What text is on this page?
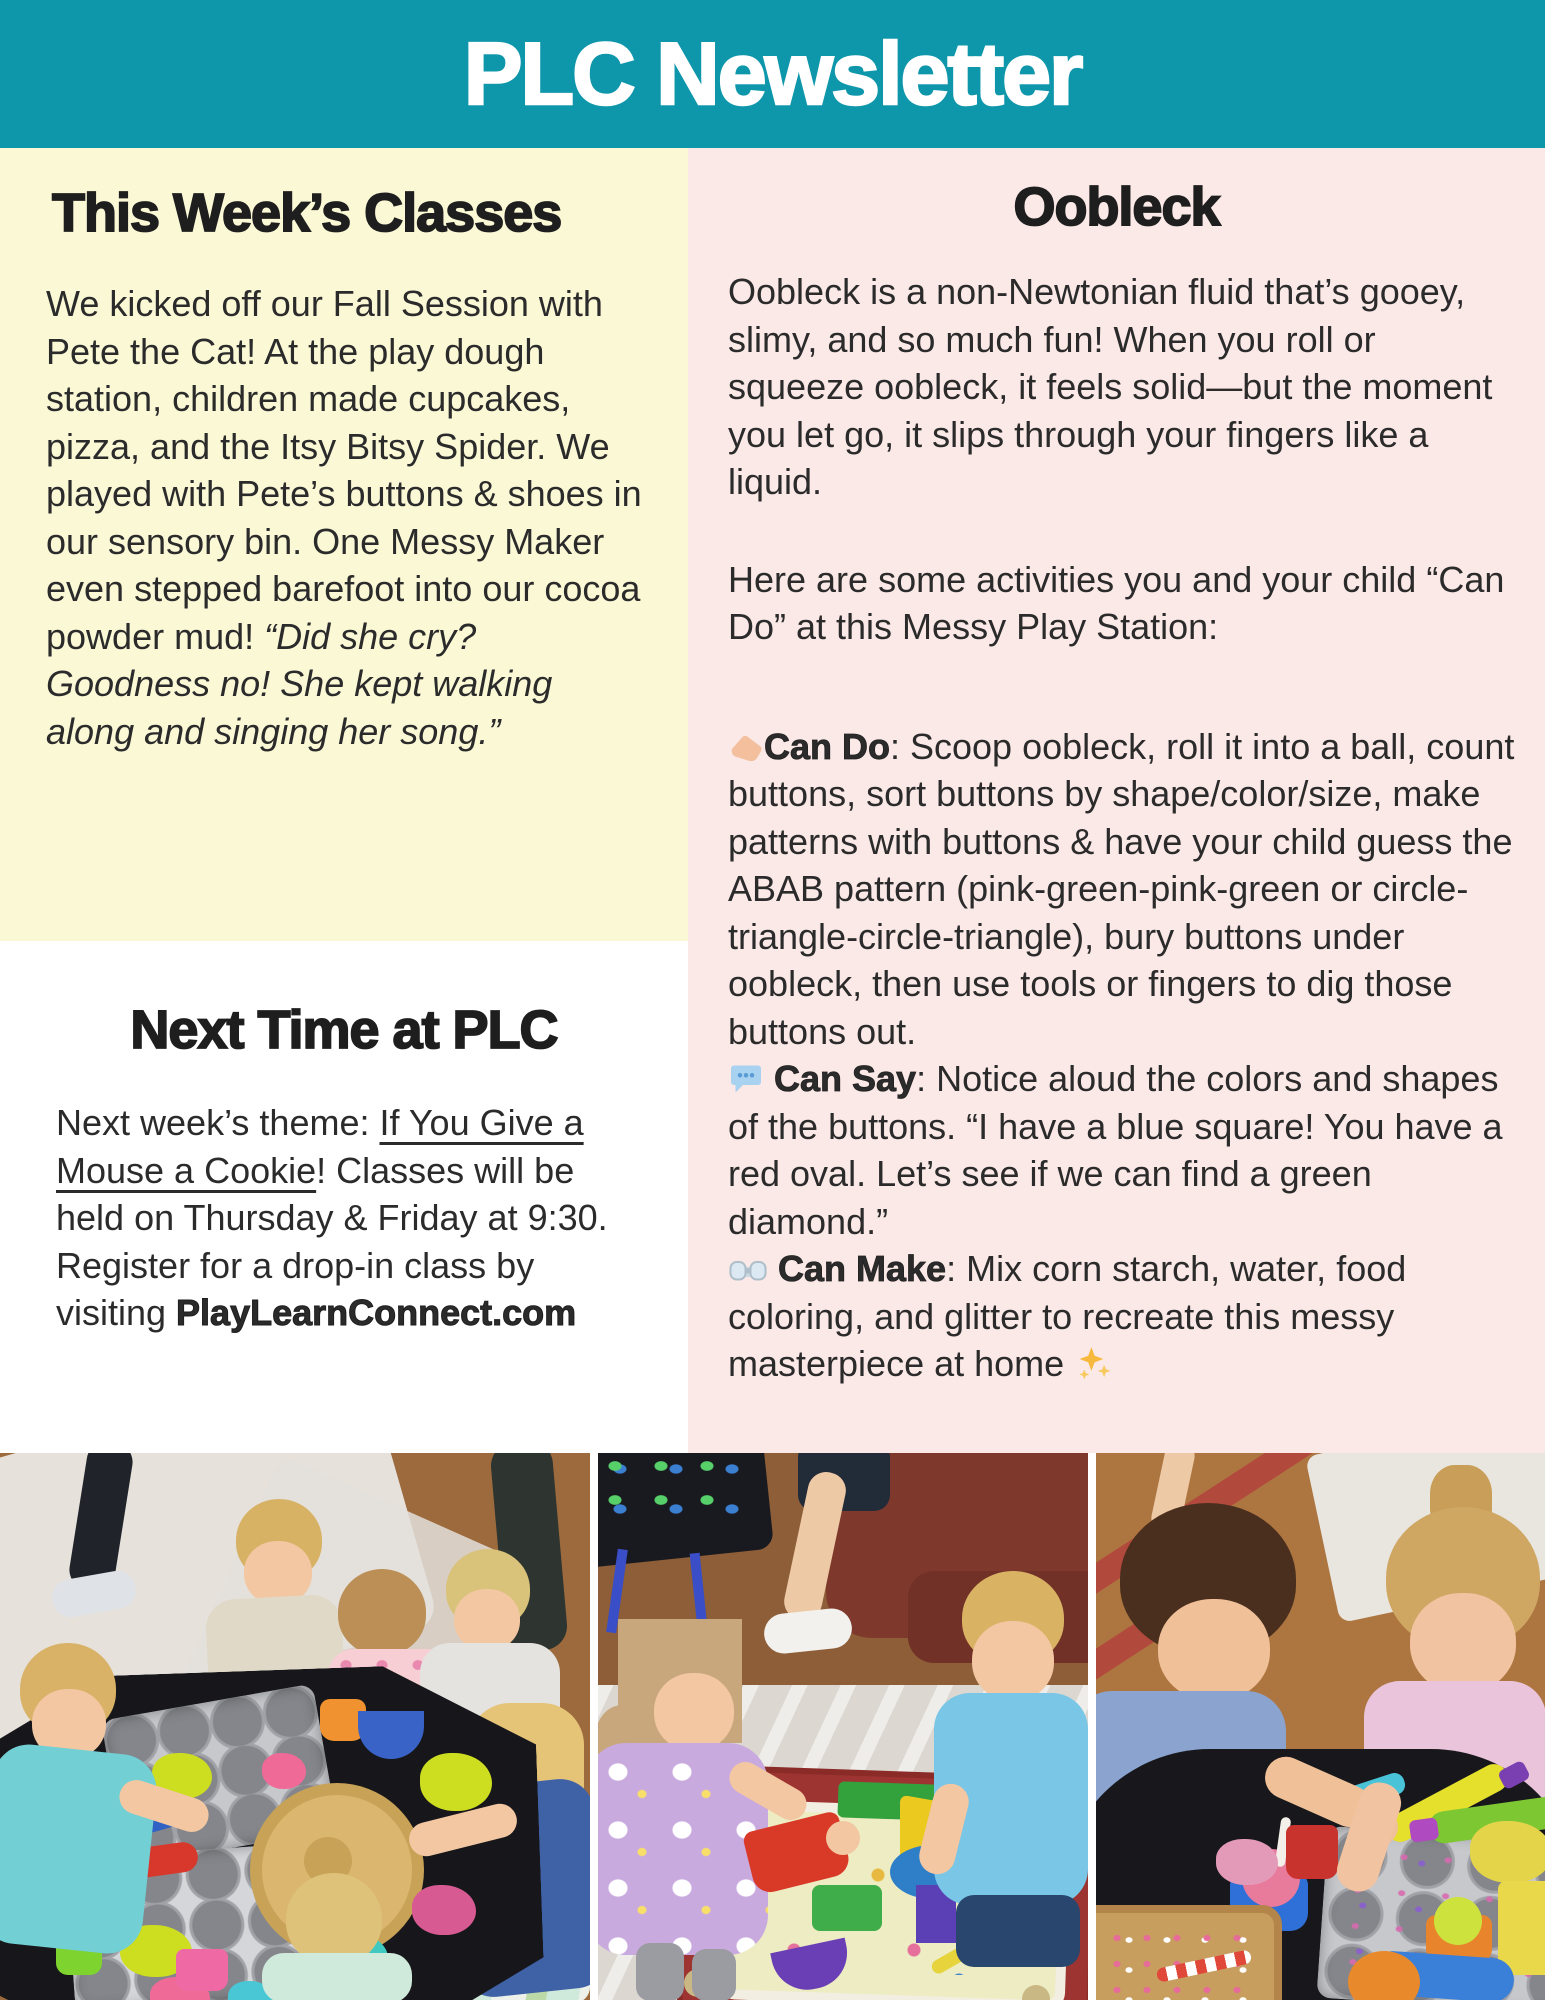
PLC Newsletter
This Week’s Classes

We kicked off our Fall Session with Pete the Cat! At the play dough station, children made cupcakes, pizza, and the Itsy Bitsy Spider. We played with Pete’s buttons & shoes in our sensory bin. One Messy Maker even stepped barefoot into our cocoa powder mud! “Did she cry? Goodness no! She kept walking along and singing her song.”

Next Time at PLC

Next week’s theme: If You Give a Mouse a Cookie! Classes will be held on Thursday & Friday at 9:30. Register for a drop-in class by visiting PlayLearnConnect.com

Oobleck

Oobleck is a non-Newtonian fluid that’s gooey, slimy, and so much fun! When you roll or squeeze oobleck, it feels solid—but the moment you let go, it slips through your fingers like a liquid.

Here are some activities you and your child “Can Do” at this Messy Play Station:

Can Do: Scoop oobleck, roll it into a ball, count buttons, sort buttons by shape/color/size, make patterns with buttons & have your child guess the ABAB pattern (pink-green-pink-green or circle-triangle-circle-triangle), bury buttons under oobleck, then use tools or fingers to dig those buttons out.

Can Say: Notice aloud the colors and shapes of the buttons. “I have a blue square! You have a red oval. Let’s see if we can find a green diamond.”

Can Make: Mix corn starch, water, food coloring, and glitter to recreate this messy masterpiece at home
